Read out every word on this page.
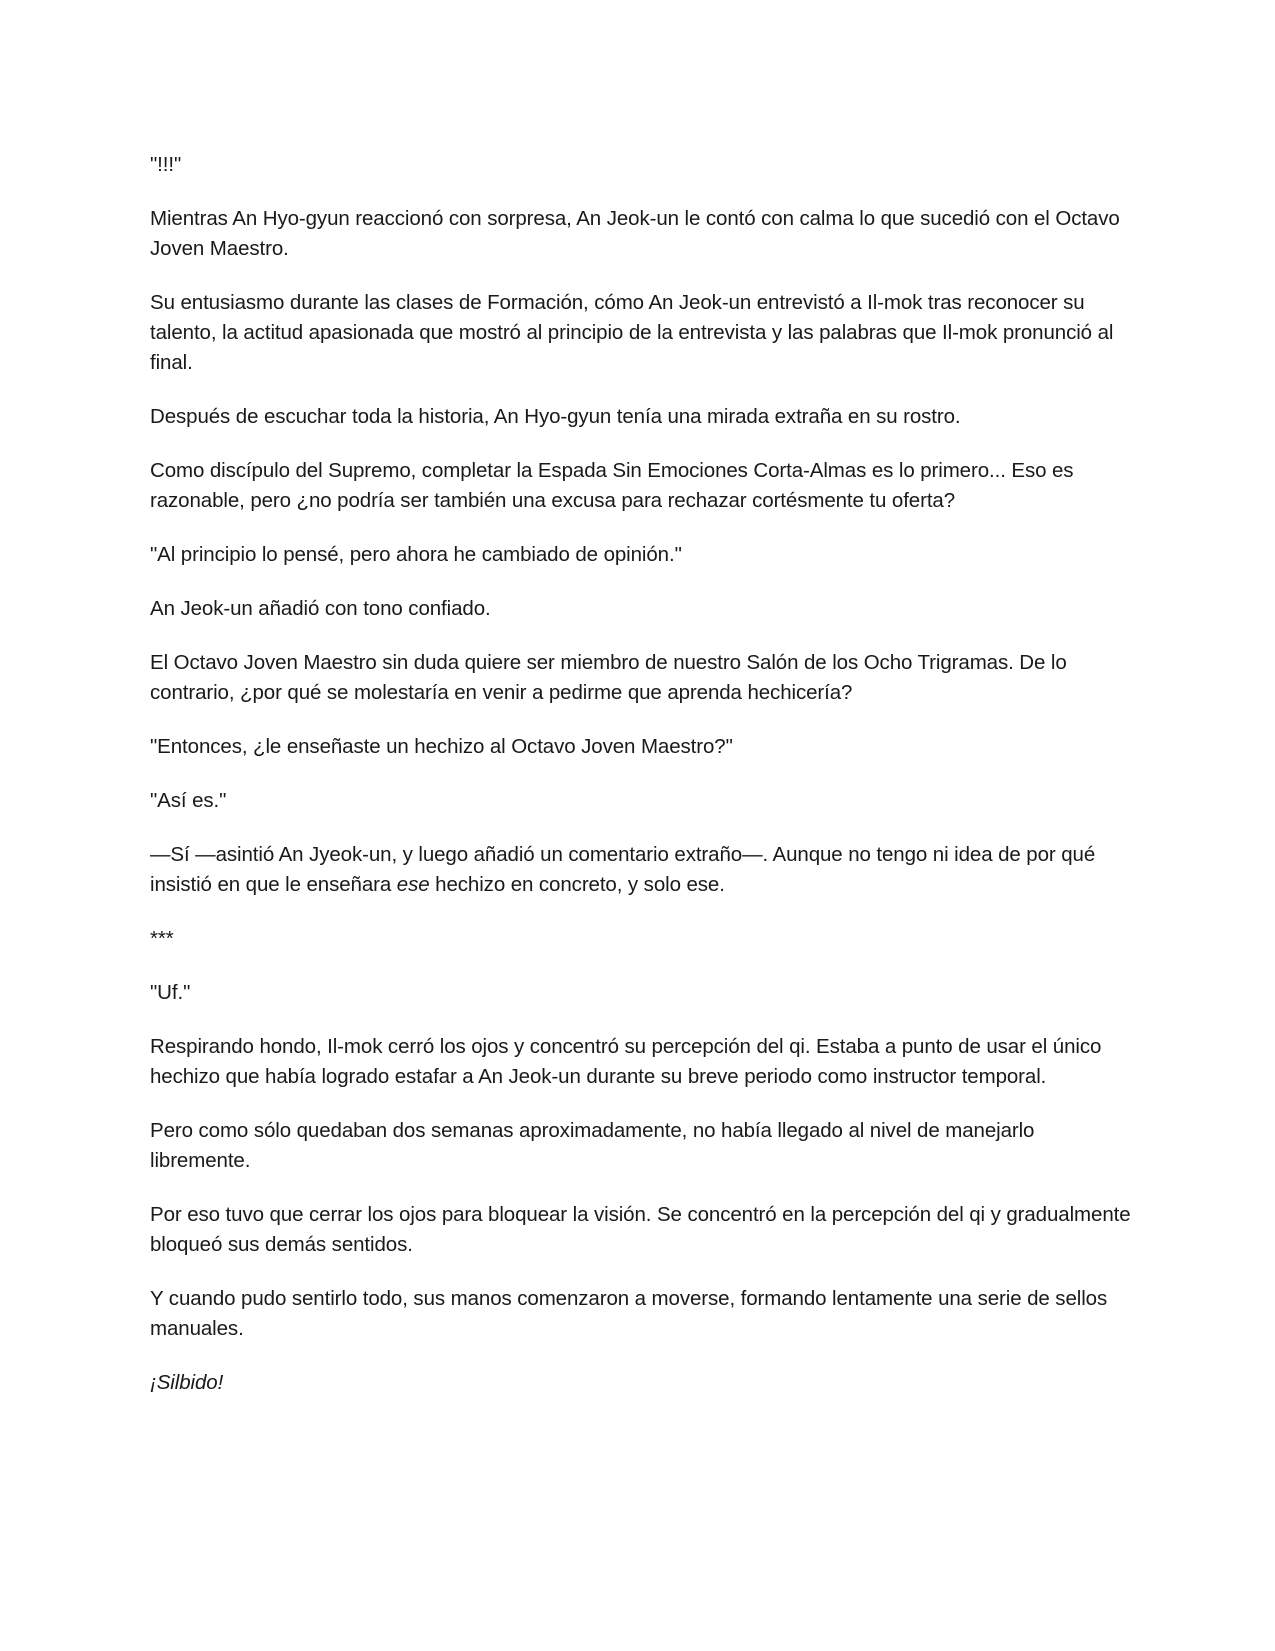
"!!!"

Mientras An Hyo-gyun reaccionó con sorpresa, An Jeok-un le contó con calma lo que sucedió con el Octavo Joven Maestro.

Su entusiasmo durante las clases de Formación, cómo An Jeok-un entrevistó a Il-mok tras reconocer su talento, la actitud apasionada que mostró al principio de la entrevista y las palabras que Il-mok pronunció al final.

Después de escuchar toda la historia, An Hyo-gyun tenía una mirada extraña en su rostro.

Como discípulo del Supremo, completar la Espada Sin Emociones Corta-Almas es lo primero... Eso es razonable, pero ¿no podría ser también una excusa para rechazar cortésmente tu oferta?

"Al principio lo pensé, pero ahora he cambiado de opinión."

An Jeok-un añadió con tono confiado.

El Octavo Joven Maestro sin duda quiere ser miembro de nuestro Salón de los Ocho Trigramas. De lo contrario, ¿por qué se molestaría en venir a pedirme que aprenda hechicería?

"Entonces, ¿le enseñaste un hechizo al Octavo Joven Maestro?"

"Así es."

—Sí —asintió An Jyeok-un, y luego añadió un comentario extraño—. Aunque no tengo ni idea de por qué insistió en que le enseñara ese hechizo en concreto, y solo ese.

***

"Uf."

Respirando hondo, Il-mok cerró los ojos y concentró su percepción del qi. Estaba a punto de usar el único hechizo que había logrado estafar a An Jeok-un durante su breve periodo como instructor temporal.

Pero como sólo quedaban dos semanas aproximadamente, no había llegado al nivel de manejarlo libremente.

Por eso tuvo que cerrar los ojos para bloquear la visión. Se concentró en la percepción del qi y gradualmente bloqueó sus demás sentidos.

Y cuando pudo sentirlo todo, sus manos comenzaron a moverse, formando lentamente una serie de sellos manuales.

¡Silbido!
